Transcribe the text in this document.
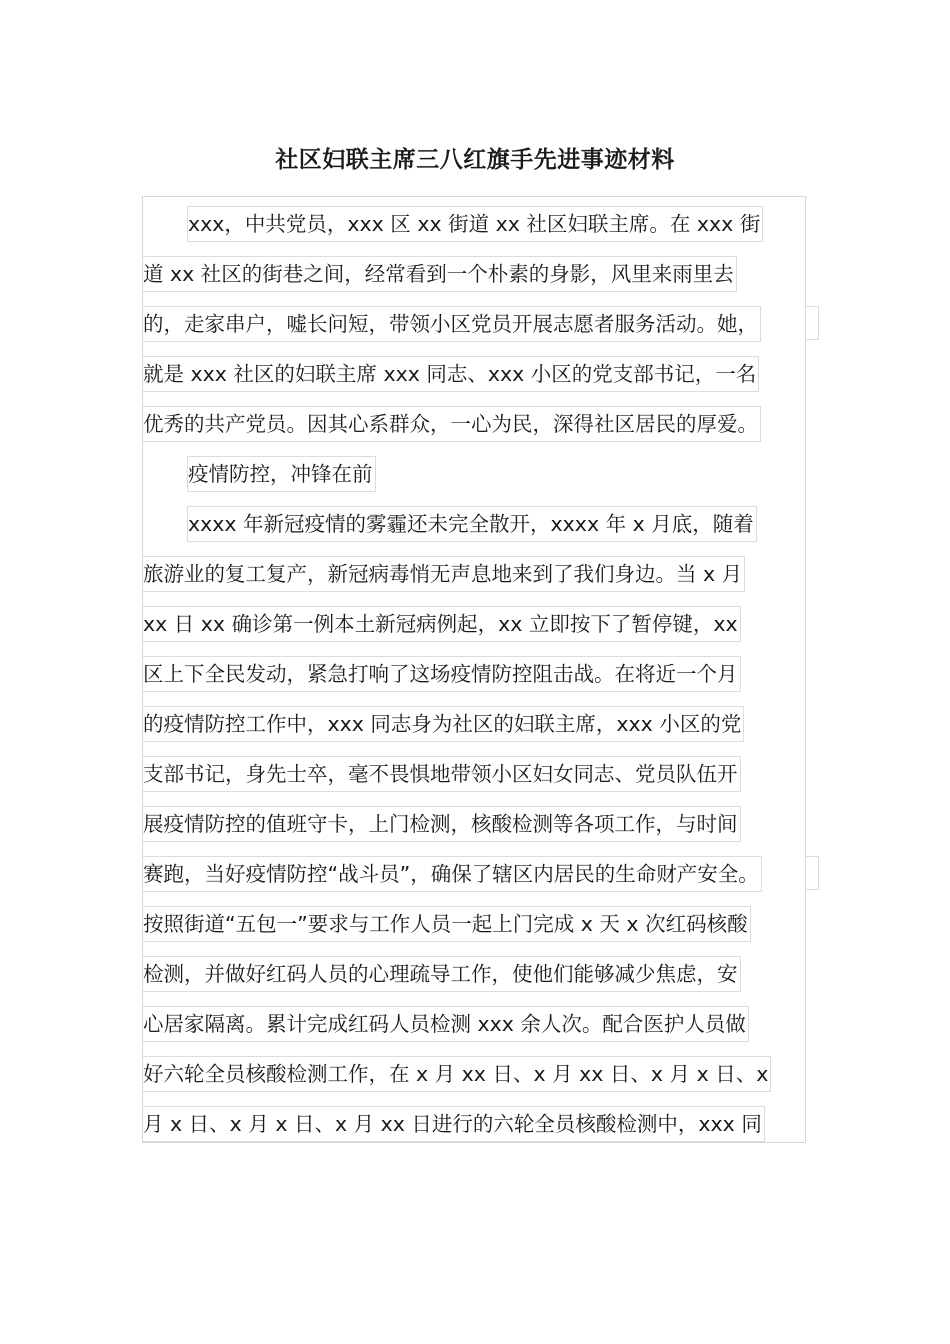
社区妇联主席三八红旗手先进事迹材料
xxx，中共党员，xxx 区 xx 街道 xx 社区妇联主席。在 xxx 街
道 xx 社区的街巷之间，经常看到一个朴素的身影，风里来雨里去
的，走家串户，嘘长问短，带领小区党员开展志愿者服务活动。她，
就是 xxx 社区的妇联主席 xxx 同志、xxx 小区的党支部书记，一名
优秀的共产党员。因其心系群众，一心为民，深得社区居民的厚爱。
疫情防控，冲锋在前
xxxx 年新冠疫情的雾霾还未完全散开，xxxx 年 x 月底，随着
旅游业的复工复产，新冠病毒悄无声息地来到了我们身边。当 x 月
xx 日 xx 确诊第一例本土新冠病例起，xx 立即按下了暂停键，xx
区上下全民发动，紧急打响了这场疫情防控阻击战。在将近一个月
的疫情防控工作中，xxx 同志身为社区的妇联主席，xxx 小区的党
支部书记，身先士卒，毫不畏惧地带领小区妇女同志、党员队伍开
展疫情防控的值班守卡，上门检测，核酸检测等各项工作，与时间
赛跑，当好疫情防控“战斗员”，确保了辖区内居民的生命财产安全。
按照街道“五包一”要求与工作人员一起上门完成 x 天 x 次红码核酸
检测，并做好红码人员的心理疏导工作，使他们能够减少焦虑，安
心居家隔离。累计完成红码人员检测 xxx 余人次。配合医护人员做
好六轮全员核酸检测工作，在 x 月 xx 日、x 月 xx 日、x 月 x 日、x
月 x 日、x 月 x 日、x 月 xx 日进行的六轮全员核酸检测中，xxx 同
